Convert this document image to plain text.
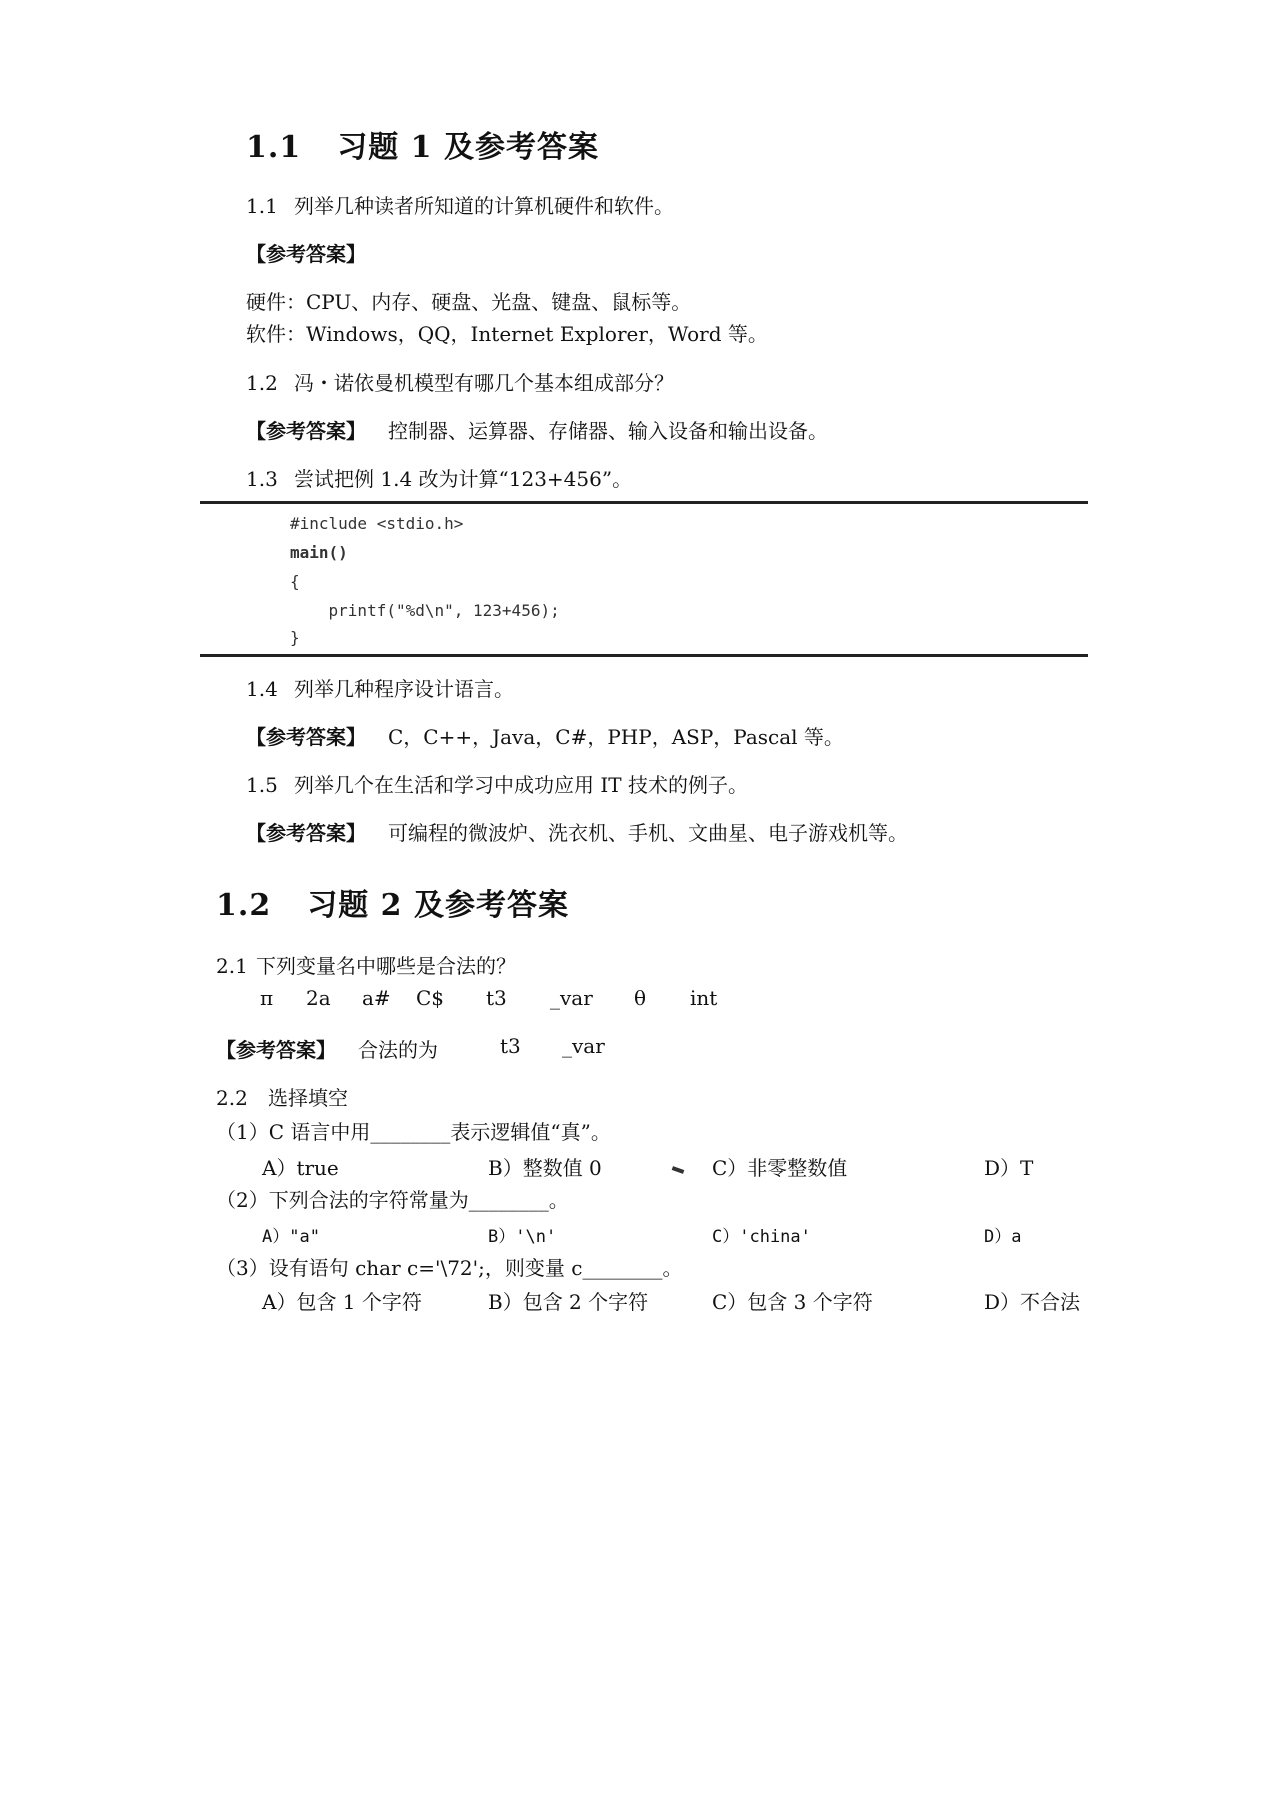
1.1 习题 1 及参考答案
1.1 列举几种读者所知道的计算机硬件和软件。
【参考答案】
硬件：CPU、内存、硬盘、光盘、键盘、鼠标等。
软件：Windows，QQ，Internet Explorer，Word 等。
1.2 冯・诺依曼机模型有哪几个基本组成部分？
【参考答案】 控制器、运算器、存储器、输入设备和输出设备。
1.3 尝试把例 1.4 改为计算“123+456”。
#include <stdio.h>
main()
{
printf("%d\n", 123+456);
}
1.4 列举几种程序设计语言。
【参考答案】 C，C++，Java，C#，PHP，ASP，Pascal 等。
1.5 列举几个在生活和学习中成功应用 IT 技术的例子。
【参考答案】 可编程的微波炉、洗衣机、手机、文曲星、电子游戏机等。
1.2 习题 2 及参考答案
2.1 下列变量名中哪些是合法的？
π 2a a# C$ t3 _var θ int
【参考答案】 合法的为	t3 _var
2.2 选择填空
（1）C 语言中用________表示逻辑值“真”。
A）true	B）整数值 0	C）非零整数值	D）T
（2）下列合法的字符常量为________。
A）"a"	B）'\n'	C）'china'	D）a
（3）设有语句 char c='\72';，则变量 c________。
A）包含 1 个字符	B）包含 2 个字符	C）包含 3 个字符	D）不合法
